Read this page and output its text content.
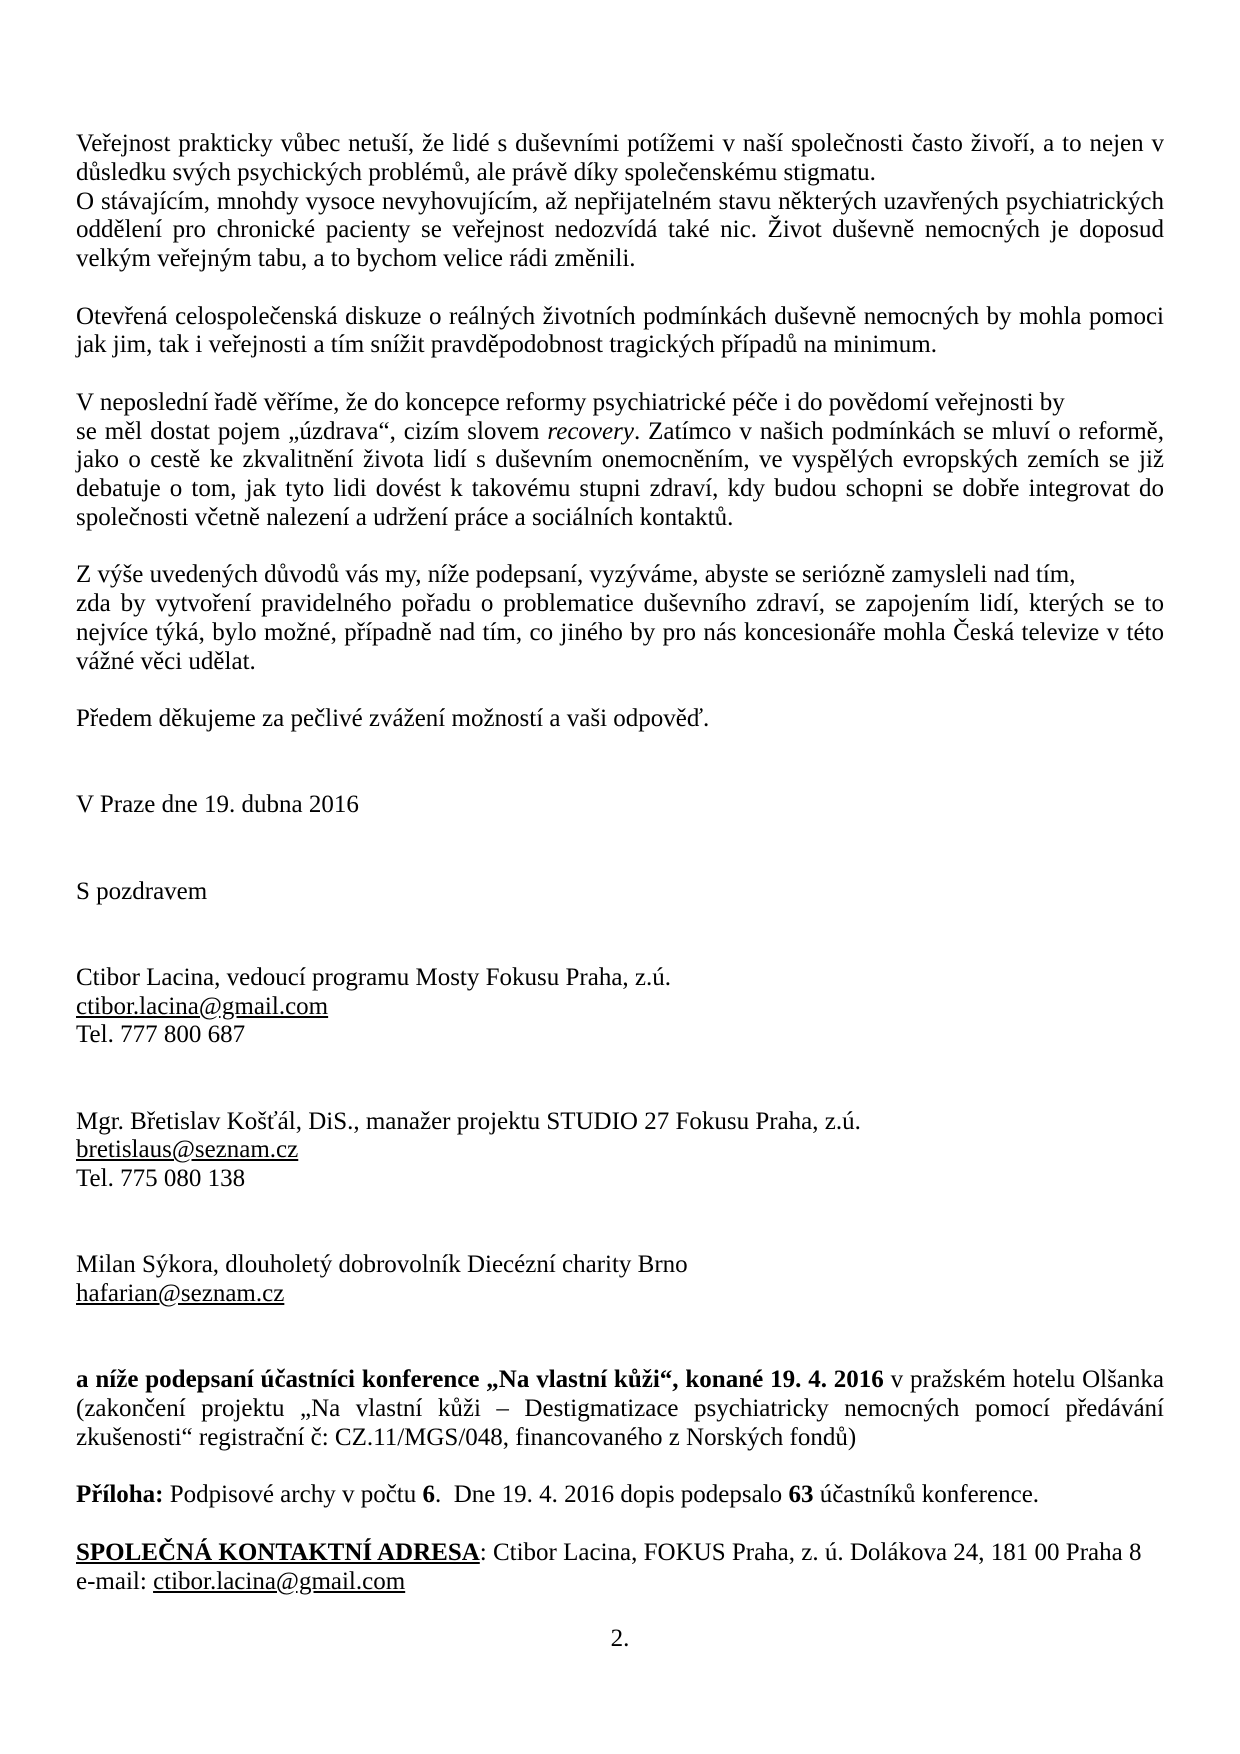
Veřejnost prakticky vůbec netuší, že lidé s duševními potížemi v naší společnosti často živoří, a to nejen v
důsledku svých psychických problémů, ale právě díky společenskému stigmatu.
O stávajícím, mnohdy vysoce nevyhovujícím, až nepřijatelném stavu některých uzavřených psychiatrických
oddělení pro chronické pacienty se veřejnost nedozvídá také nic. Život duševně nemocných je doposud
velkým veřejným tabu, a to bychom velice rádi změnili.
Otevřená celospolečenská diskuze o reálných životních podmínkách duševně nemocných by mohla pomoci
jak jim, tak i veřejnosti a tím snížit pravděpodobnost tragických případů na minimum.
V neposlední řadě věříme, že do koncepce reformy psychiatrické péče i do povědomí veřejnosti by
se měl dostat pojem „úzdrava“, cizím slovem recovery. Zatímco v našich podmínkách se mluví o reformě,
jako o cestě ke zkvalitnění života lidí s duševním onemocněním, ve vyspělých evropských zemích se již
debatuje o tom, jak tyto lidi dovést k takovému stupni zdraví, kdy budou schopni se dobře integrovat do
společnosti včetně nalezení a udržení práce a sociálních kontaktů.
Z výše uvedených důvodů vás my, níže podepsaní, vyzýváme, abyste se seriózně zamysleli nad tím,
zda by vytvoření pravidelného pořadu o problematice duševního zdraví, se zapojením lidí, kterých se to
nejvíce týká, bylo možné, případně nad tím, co jiného by pro nás koncesionáře mohla Česká televize v této
vážné věci udělat.
Předem děkujeme za pečlivé zvážení možností a vaši odpověď.
V Praze dne 19. dubna 2016
S pozdravem
Ctibor Lacina, vedoucí programu Mosty Fokusu Praha, z.ú.
ctibor.lacina@gmail.com
Tel. 777 800 687
Mgr. Břetislav Košťál, DiS., manažer projektu STUDIO 27 Fokusu Praha, z.ú.
bretislaus@seznam.cz
Tel. 775 080 138
Milan Sýkora, dlouholetý dobrovolník Diecézní charity Brno
hafarian@seznam.cz
a níže podepsaní účastníci konference „Na vlastní kůži“, konané 19. 4. 2016 v pražském hotelu Olšanka
(zakončení projektu „Na vlastní kůži – Destigmatizace psychiatricky nemocných pomocí předávání
zkušenosti“ registrační č: CZ.11/MGS/048, financovaného z Norských fondů)
Příloha: Podpisové archy v počtu 6.  Dne 19. 4. 2016 dopis podepsalo 63 účastníků konference.
SPOLEČNÁ KONTAKTNÍ ADRESA: Ctibor Lacina, FOKUS Praha, z. ú. Dolákova 24, 181 00 Praha 8
e-mail: ctibor.lacina@gmail.com
2.
